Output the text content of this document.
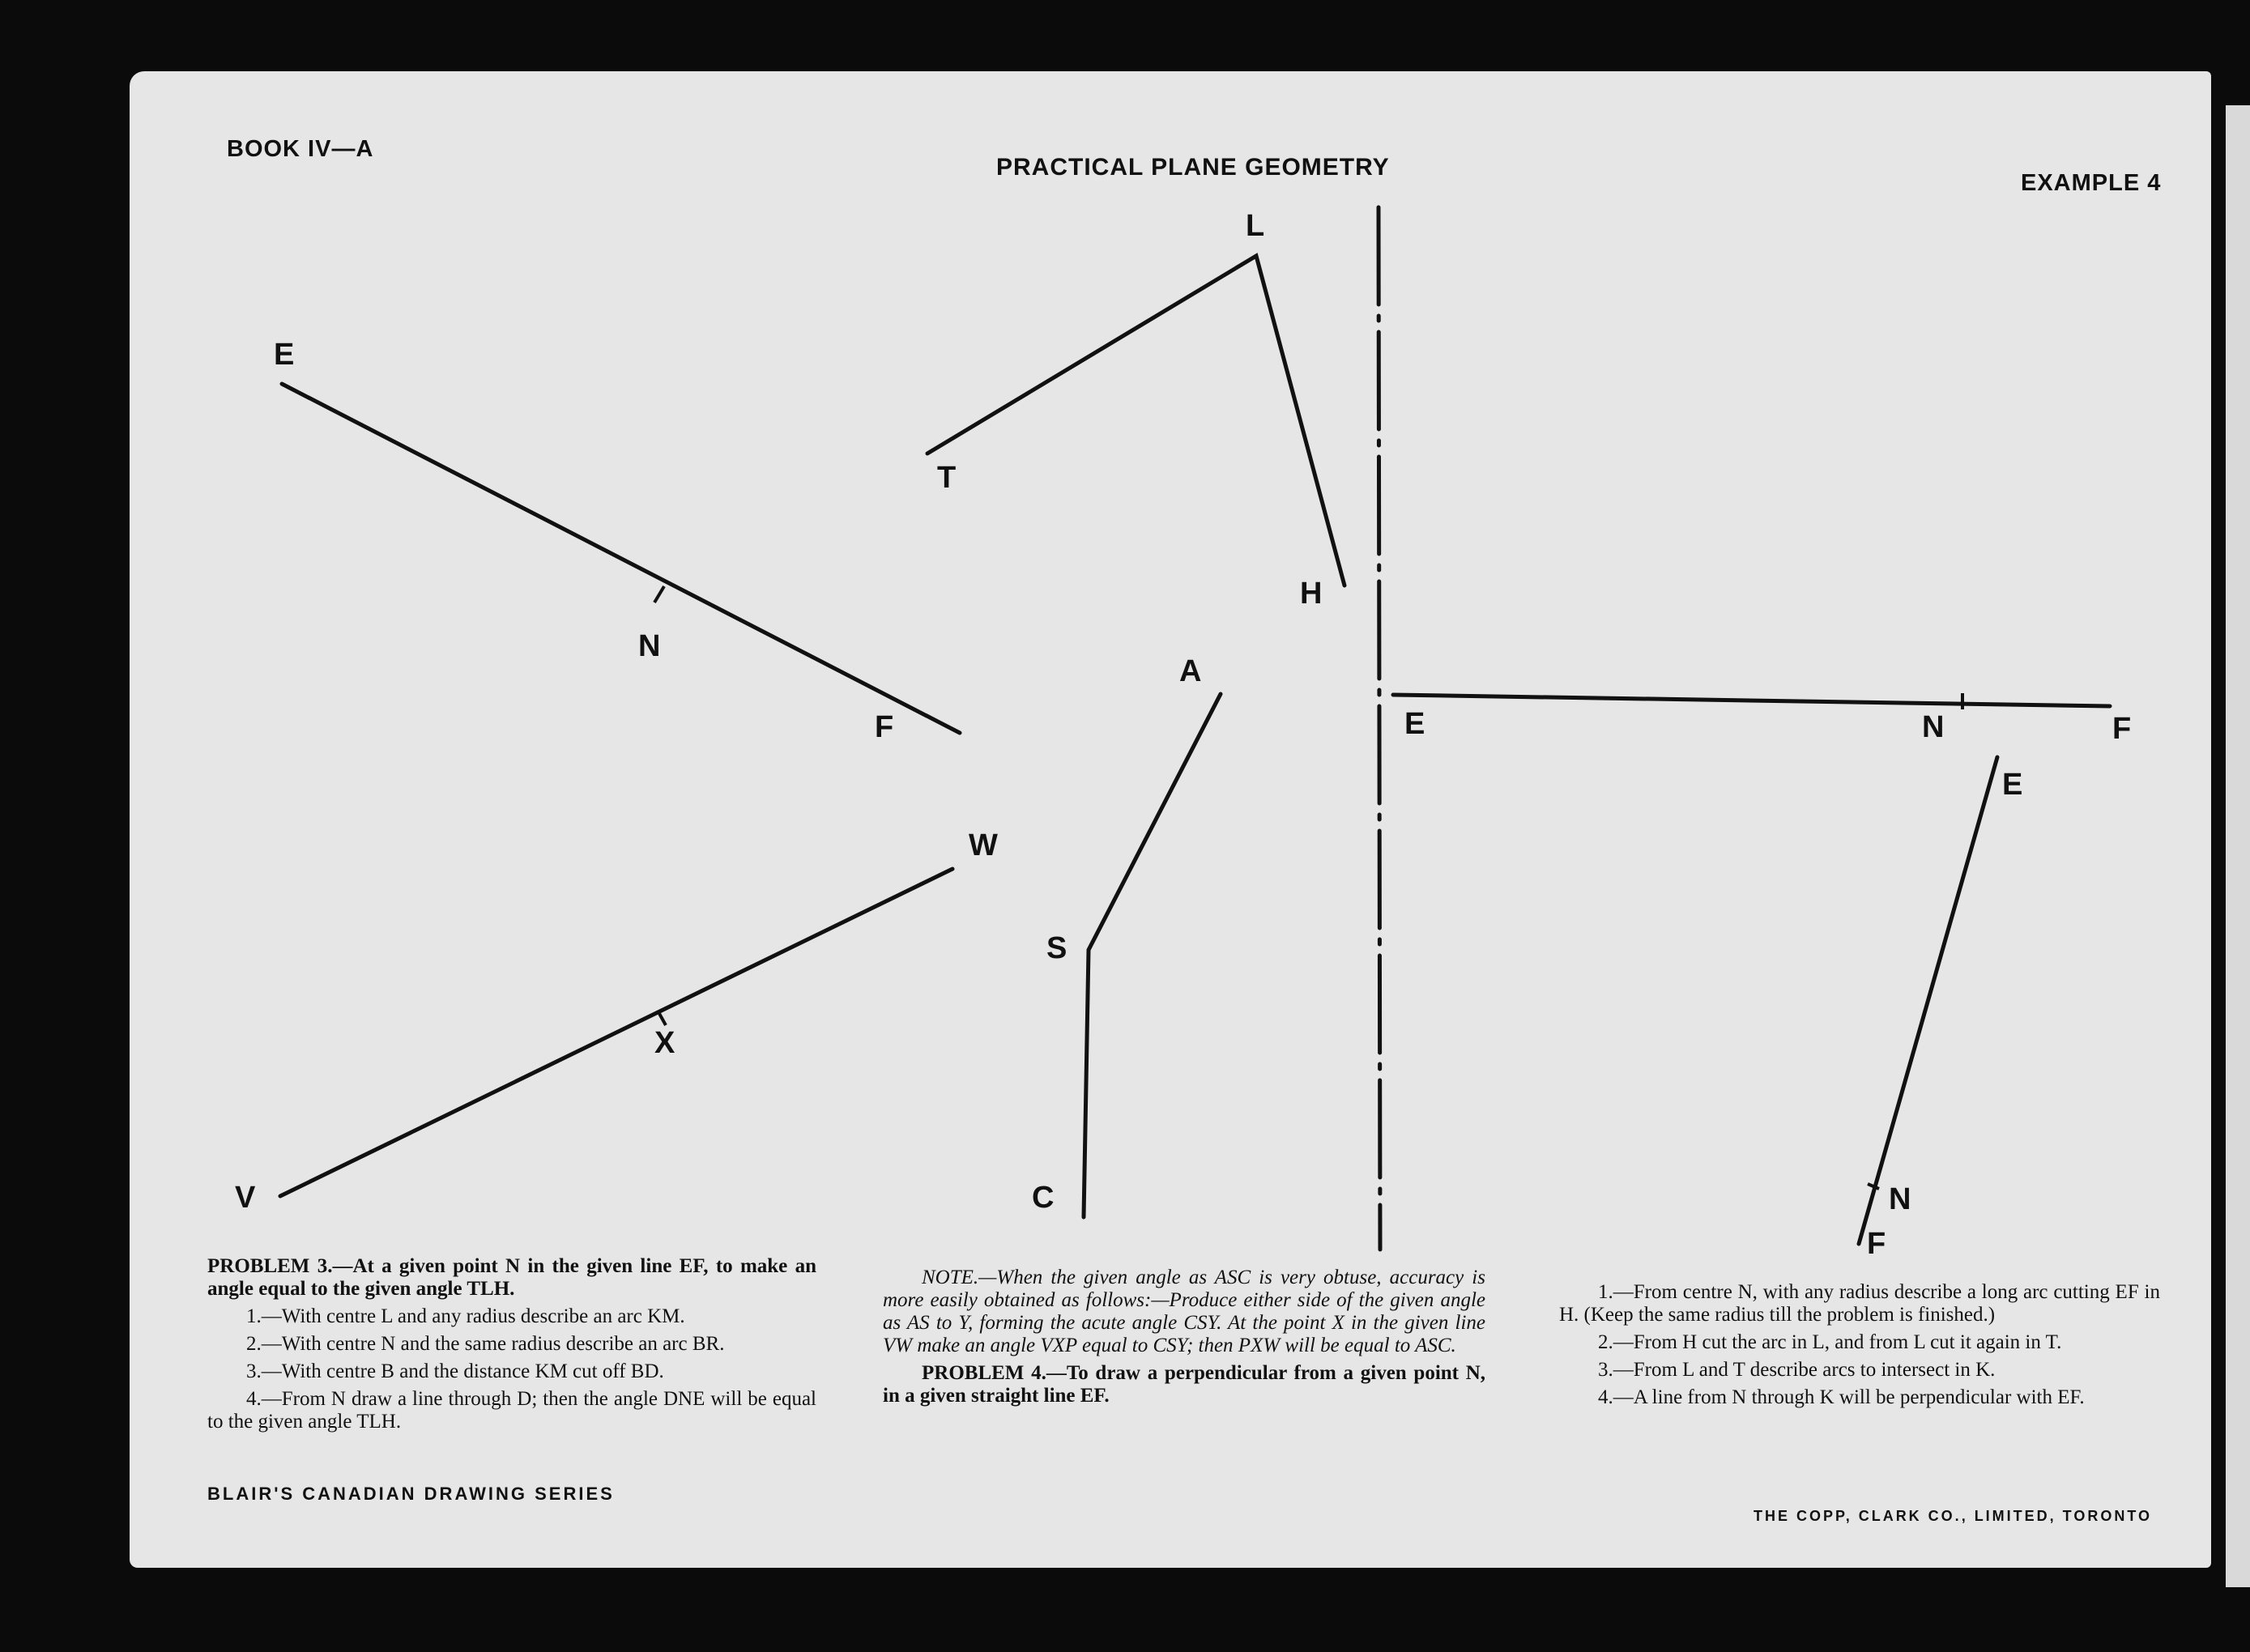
BOOK IV—A

PRACTICAL PLANE GEOMETRY

EXAMPLE 4

E
N
F
L
T
H
A
S
C
V
X
W
E	N	F
E
N
F

PROBLEM 3.—At a given point N in the given line EF, to make an angle equal to the given angle TLH.

1.—With centre L and any radius describe an arc KM.

2.—With centre N and the same radius describe an arc BR.

3.—With centre B and the distance KM cut off BD.

4.—From N draw a line through D; then the angle DNE will be equal to the given angle TLH.

NOTE.—When the given angle as ASC is very obtuse, accuracy is more easily obtained as follows:—Produce either side of the given angle as AS to Y, forming the acute angle CSY. At the point X in the given line VW make an angle VXP equal to CSY; then PXW will be equal to ASC.

PROBLEM 4.—To draw a perpendicular from a given point N, in a given straight line EF.

1.—From centre N, with any radius describe a long arc cutting EF in H. (Keep the same radius till the problem is finished.)

2.—From H cut the arc in L, and from L cut it again in T.

3.—From L and T describe arcs to intersect in K.

4.—A line from N through K will be perpendicular with EF.

BLAIR'S CANADIAN DRAWING SERIES

THE COPP, CLARK CO., LIMITED, TORONTO
